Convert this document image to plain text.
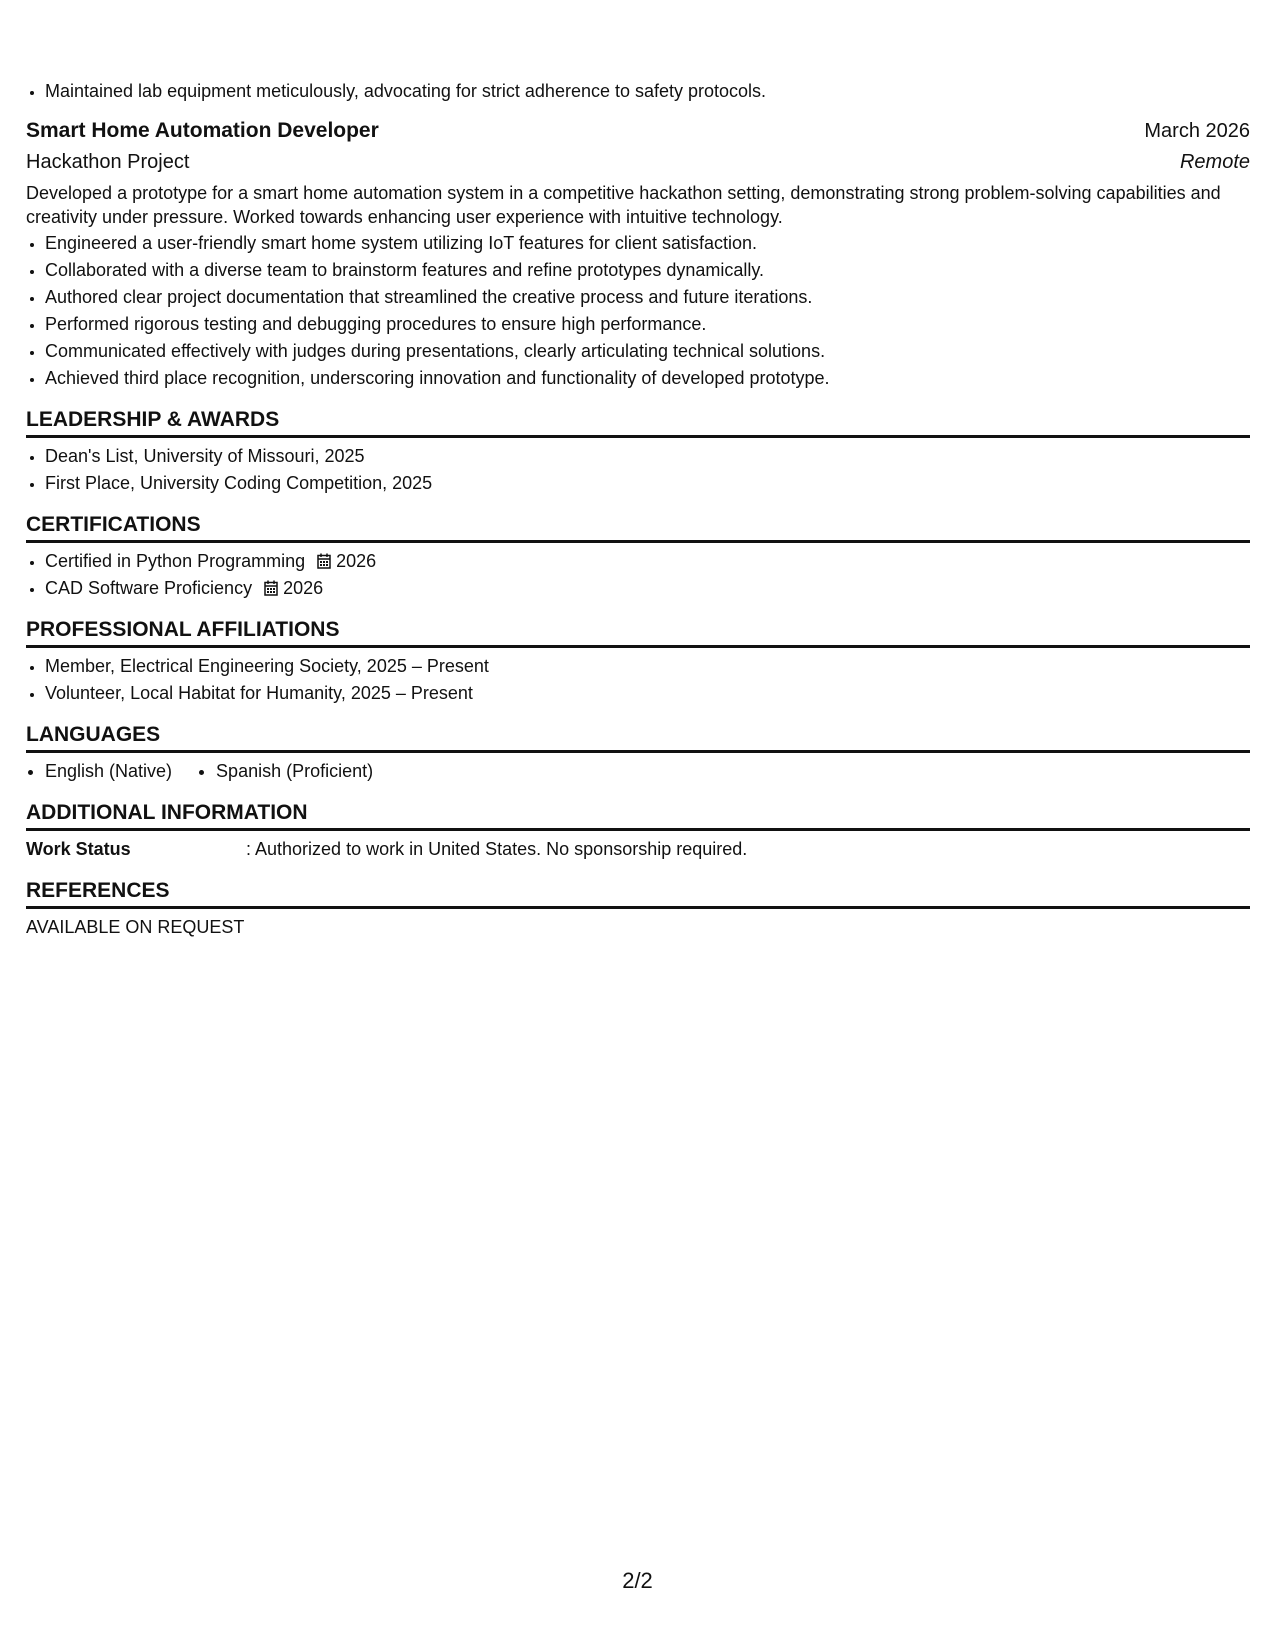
• Maintained lab equipment meticulously, advocating for strict adherence to safety protocols.
Smart Home Automation Developer	March 2026
Hackathon Project	Remote
Developed a prototype for a smart home automation system in a competitive hackathon setting, demonstrating strong problem-solving capabilities and creativity under pressure. Worked towards enhancing user experience with intuitive technology.
• Engineered a user-friendly smart home system utilizing IoT features for client satisfaction.
• Collaborated with a diverse team to brainstorm features and refine prototypes dynamically.
• Authored clear project documentation that streamlined the creative process and future iterations.
• Performed rigorous testing and debugging procedures to ensure high performance.
• Communicated effectively with judges during presentations, clearly articulating technical solutions.
• Achieved third place recognition, underscoring innovation and functionality of developed prototype.
LEADERSHIP & AWARDS
• Dean's List, University of Missouri, 2025
• First Place, University Coding Competition, 2025
CERTIFICATIONS
• Certified in Python Programming 2026
• CAD Software Proficiency 2026
PROFESSIONAL AFFILIATIONS
• Member, Electrical Engineering Society, 2025 – Present
• Volunteer, Local Habitat for Humanity, 2025 – Present
LANGUAGES
• English (Native)
• Spanish (Proficient)
ADDITIONAL INFORMATION
Work Status	: Authorized to work in United States. No sponsorship required.
REFERENCES
AVAILABLE ON REQUEST
2/2
